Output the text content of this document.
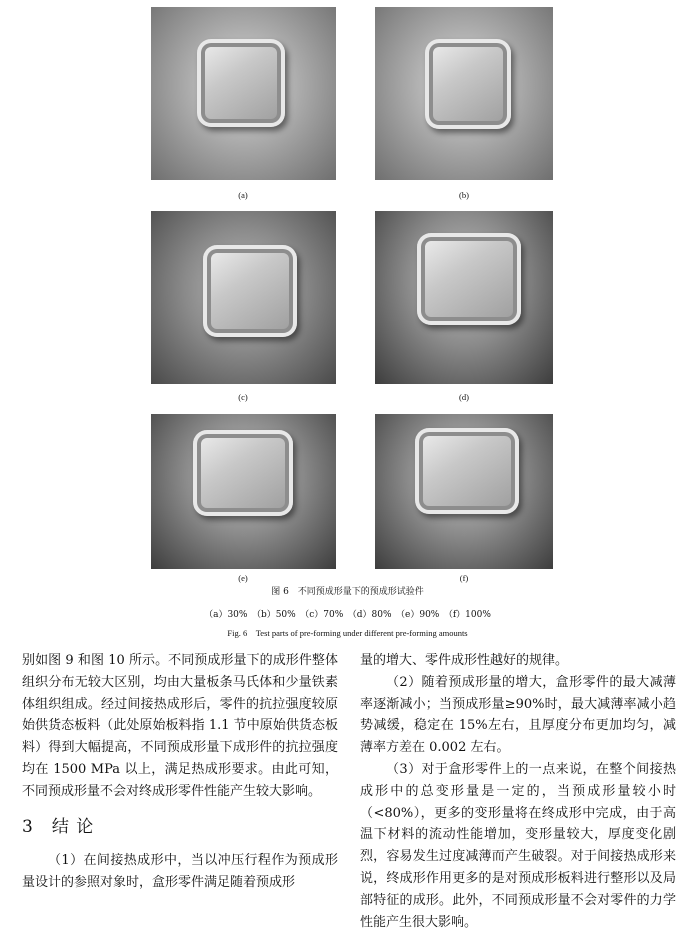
(a)	(b)
(c)	(d)
(e)	(f)
图 6　不同预成形量下的预成形试验件
（a）30%　（b）50%　（c）70%　（d）80%　（e）90%　（f）100%
Fig. 6　Test parts of pre-forming under different pre-forming amounts

别如图 9 和图 10 所示。不同预成形量下的成形件整体组织分布无较大区别，均由大量板条马氏体和少量铁素体组织组成。经过间接热成形后，零件的抗拉强度较原始供货态板料（此处原始板料指 1.1 节中原始供货态板料）得到大幅提高，不同预成形量下成形件的抗拉强度均在 1500 MPa 以上，满足热成形要求。由此可知，不同预成形量不会对终成形零件性能产生较大影响。

3 结 论

（1）在间接热成形中，当以冲压行程作为预成形量设计的参照对象时，盒形零件满足随着预成形

量的增大、零件成形性越好的规律。

（2）随着预成形量的增大，盒形零件的最大减薄率逐渐减小；当预成形量≥90%时，最大减薄率减小趋势减缓，稳定在 15%左右，且厚度分布更加均匀，减薄率方差在 0.002 左右。

（3）对于盒形零件上的一点来说，在整个间接热成形中的总变形量是一定的，当预成形量较小时（<80%），更多的变形量将在终成形中完成，由于高温下材料的流动性能增加，变形量较大，厚度变化剧烈，容易发生过度减薄而产生破裂。对于间接热成形来说，终成形作用更多的是对预成形板料进行整形以及局部特征的成形。此外，不同预成形量不会对零件的力学性能产生很大影响。
